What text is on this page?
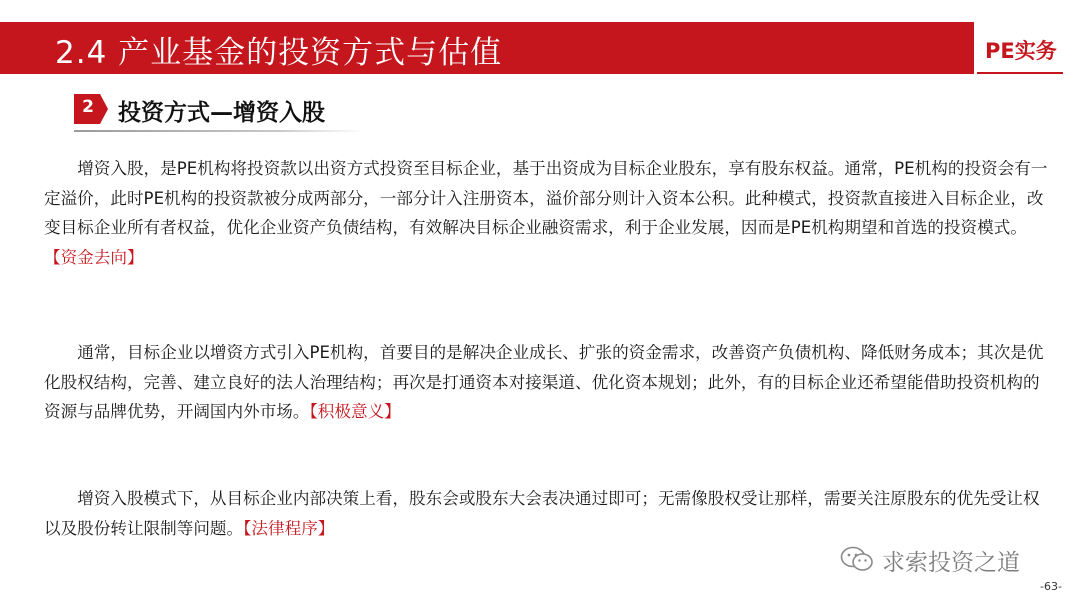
2.4 产业基金的投资方式与估值	PE实务
2	投资方式—增资入股

增资入股，是PE机构将投资款以出资方式投资至目标企业，基于出资成为目标企业股东，享有股东权益。通常，PE机构的投资会有一定溢价，此时PE机构的投资款被分成两部分，一部分计入注册资本，溢价部分则计入资本公积。此种模式，投资款直接进入目标企业，改变目标企业所有者权益，优化企业资产负债结构，有效解决目标企业融资需求，利于企业发展，因而是PE机构期望和首选的投资模式。【资金去向】

通常，目标企业以增资方式引入PE机构，首要目的是解决企业成长、扩张的资金需求，改善资产负债机构、降低财务成本；其次是优化股权结构，完善、建立良好的法人治理结构；再次是打通资本对接渠道、优化资本规划；此外，有的目标企业还希望能借助投资机构的资源与品牌优势，开阔国内外市场。【积极意义】

增资入股模式下，从目标企业内部决策上看，股东会或股东大会表决通过即可；无需像股权受让那样，需要关注原股东的优先受让权以及股份转让限制等问题。【法律程序】

求索投资之道
-63-
